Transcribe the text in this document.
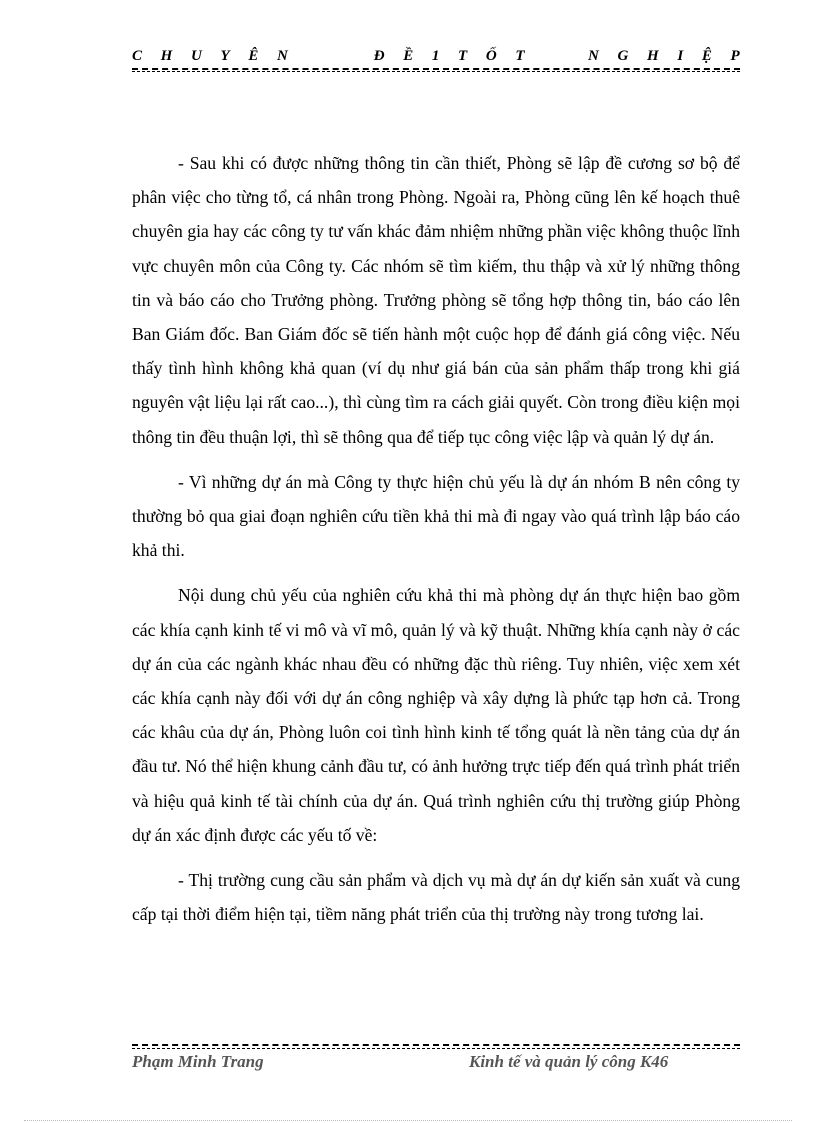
C H U Y Ê N

	Đ Ề 1 T Ố T

	N G H I Ệ P

- Sau khi có được những thông tin cần thiết, Phòng sẽ lập đề cương sơ bộ để phân việc cho từng tổ, cá nhân trong Phòng. Ngoài ra, Phòng cũng lên kế hoạch thuê chuyên gia hay các công ty tư vấn khác đảm nhiệm những phần việc không thuộc lĩnh vực chuyên môn của Công ty. Các nhóm sẽ tìm kiếm, thu thập và xử lý những thông tin và báo cáo cho Trưởng phòng. Trưởng phòng sẽ tổng hợp thông tin, báo cáo lên Ban Giám đốc. Ban Giám đốc sẽ tiến hành một cuộc họp để đánh giá công việc. Nếu thấy tình hình không khả quan (ví dụ như giá bán của sản phẩm thấp trong khi giá nguyên vật liệu lại rất cao...), thì cùng tìm ra cách giải quyết. Còn trong điều kiện mọi thông tin đều thuận lợi, thì sẽ thông qua để tiếp tục công việc lập và quản lý dự án.

- Vì những dự án mà Công ty thực hiện chủ yếu là dự án nhóm B nên công ty thường bỏ qua giai đoạn nghiên cứu tiền khả thi mà đi ngay vào quá trình lập báo cáo khả thi.

Nội dung chủ yếu của nghiên cứu khả thi mà phòng dự án thực hiện bao gồm các khía cạnh kinh tế vi mô và vĩ mô, quản lý và kỹ thuật. Những khía cạnh này ở các dự án của các ngành khác nhau đều có những đặc thù riêng. Tuy nhiên, việc xem xét các khía cạnh này đối với dự án công nghiệp và xây dựng là phức tạp hơn cả. Trong các khâu của dự án, Phòng luôn coi tình hình kinh tế tổng quát là nền tảng của dự án đầu tư. Nó thể hiện khung cảnh đầu tư, có ảnh hưởng trực tiếp đến quá trình phát triển và hiệu quả kinh tế tài chính của dự án. Quá trình nghiên cứu thị trường giúp Phòng dự án xác định được các yếu tố về:

- Thị trường cung cầu sản phẩm và dịch vụ mà dự án dự kiến sản xuất và cung cấp tại thời điểm hiện tại, tiềm năng phát triển của thị trường này trong tương lai.

Phạm Minh Trang	Kinh tế và quản lý công K46
